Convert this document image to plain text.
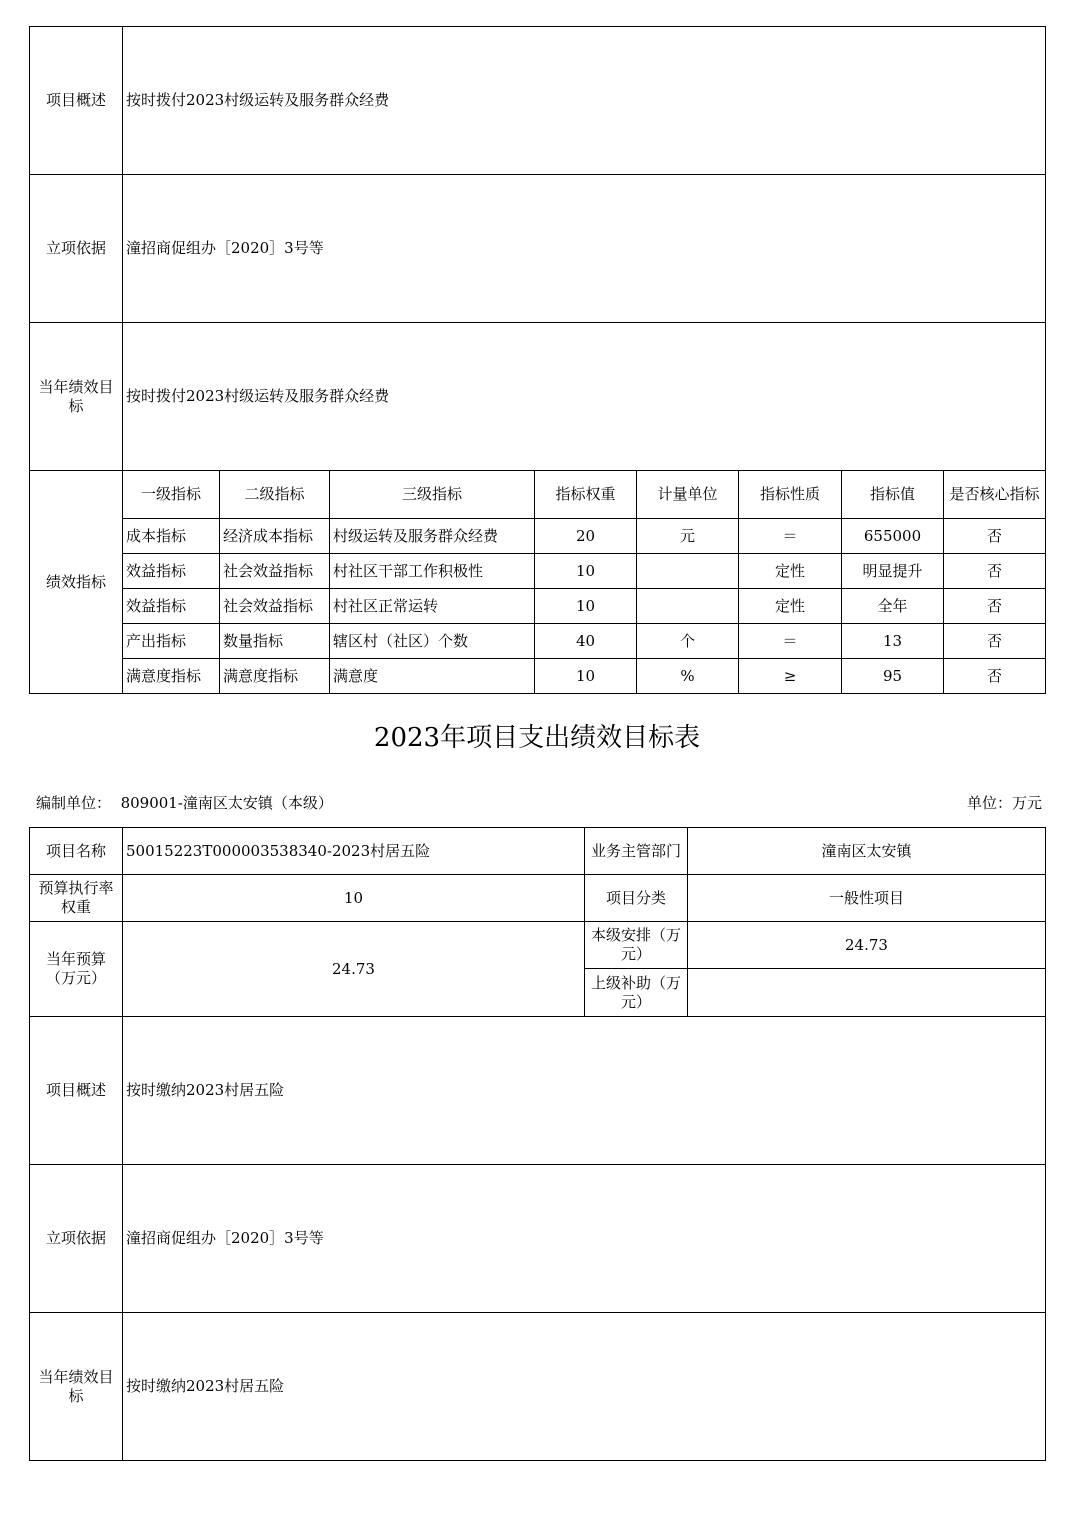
项目概述	按时拨付2023村级运转及服务群众经费							
立项依据	潼招商促组办［2020］3号等							
当年绩效目标	按时拨付2023村级运转及服务群众经费							
绩效指标	一级指标	二级指标	三级指标	指标权重	计量单位	指标性质	指标值	是否核心指标
	成本指标	经济成本指标	村级运转及服务群众经费	20	元	＝	655000	否
	效益指标	社会效益指标	村社区干部工作积极性	10		定性	明显提升	否
	效益指标	社会效益指标	村社区正常运转	10		定性	全年	否
	产出指标	数量指标	辖区村（社区）个数	40	个	＝	13	否
	满意度指标	满意度指标	满意度	10	%	≥	95	否
2023年项目支出绩效目标表
编制单位： 809001-潼南区太安镇（本级）	单位：万元
项目名称	50015223T000003538340-2023村居五险	业务主管部门	潼南区太安镇
预算执行率权重	10	项目分类	一般性项目
当年预算（万元）	24.73	本级安排（万元）	24.73
		上级补助（万元）	
项目概述	按时缴纳2023村居五险		
立项依据	潼招商促组办［2020］3号等		
当年绩效目标	按时缴纳2023村居五险		
